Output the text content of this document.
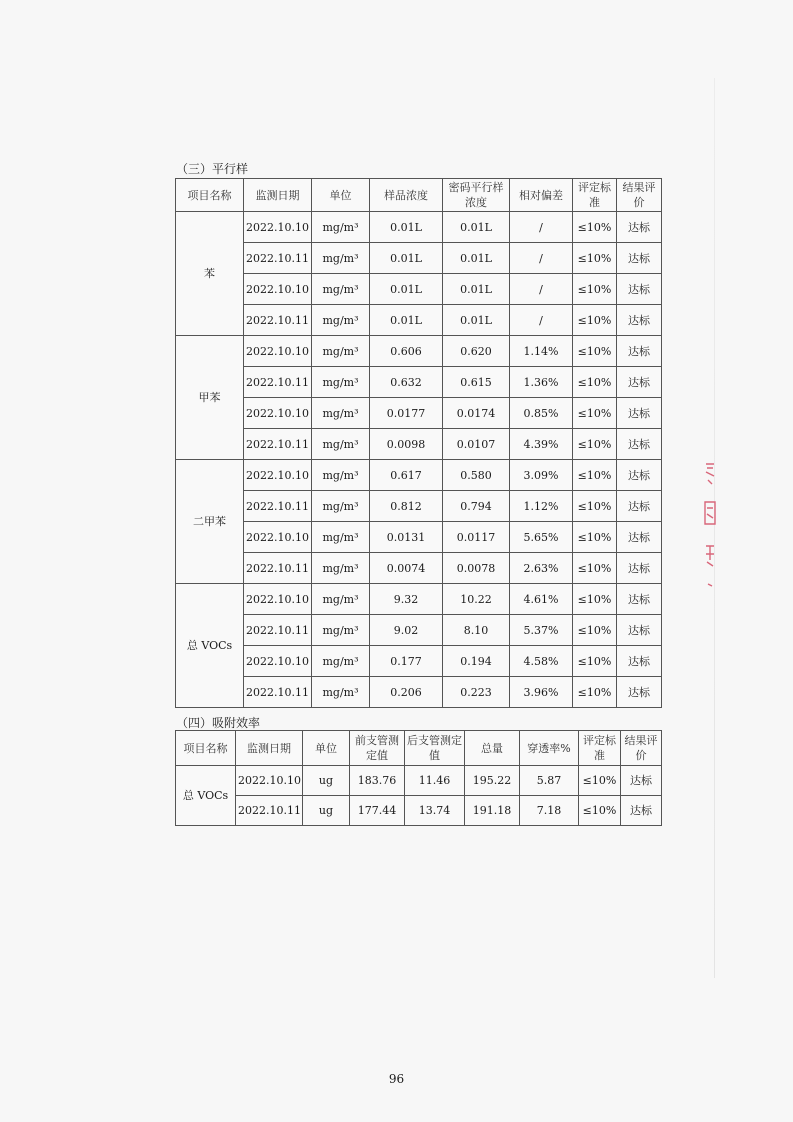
（三）平行样
项目名称	监测日期	单位	样品浓度	密码平行样浓度	相对偏差	评定标准	结果评价
苯	2022.10.10	mg/m³	0.01L	0.01L	/	≤10%	达标
	2022.10.11	mg/m³	0.01L	0.01L	/	≤10%	达标
	2022.10.10	mg/m³	0.01L	0.01L	/	≤10%	达标
	2022.10.11	mg/m³	0.01L	0.01L	/	≤10%	达标
甲苯	2022.10.10	mg/m³	0.606	0.620	1.14%	≤10%	达标
	2022.10.11	mg/m³	0.632	0.615	1.36%	≤10%	达标
	2022.10.10	mg/m³	0.0177	0.0174	0.85%	≤10%	达标
	2022.10.11	mg/m³	0.0098	0.0107	4.39%	≤10%	达标
二甲苯	2022.10.10	mg/m³	0.617	0.580	3.09%	≤10%	达标
	2022.10.11	mg/m³	0.812	0.794	1.12%	≤10%	达标
	2022.10.10	mg/m³	0.0131	0.0117	5.65%	≤10%	达标
	2022.10.11	mg/m³	0.0074	0.0078	2.63%	≤10%	达标
总 VOCs	2022.10.10	mg/m³	9.32	10.22	4.61%	≤10%	达标
	2022.10.11	mg/m³	9.02	8.10	5.37%	≤10%	达标
	2022.10.10	mg/m³	0.177	0.194	4.58%	≤10%	达标
	2022.10.11	mg/m³	0.206	0.223	3.96%	≤10%	达标
（四）吸附效率
项目名称	监测日期	单位	前支管测定值	后支管测定值	总量	穿透率%	评定标准	结果评价
总 VOCs	2022.10.10	ug	183.76	11.46	195.22	5.87	≤10%	达标
	2022.10.11	ug	177.44	13.74	191.18	7.18	≤10%	达标
96
